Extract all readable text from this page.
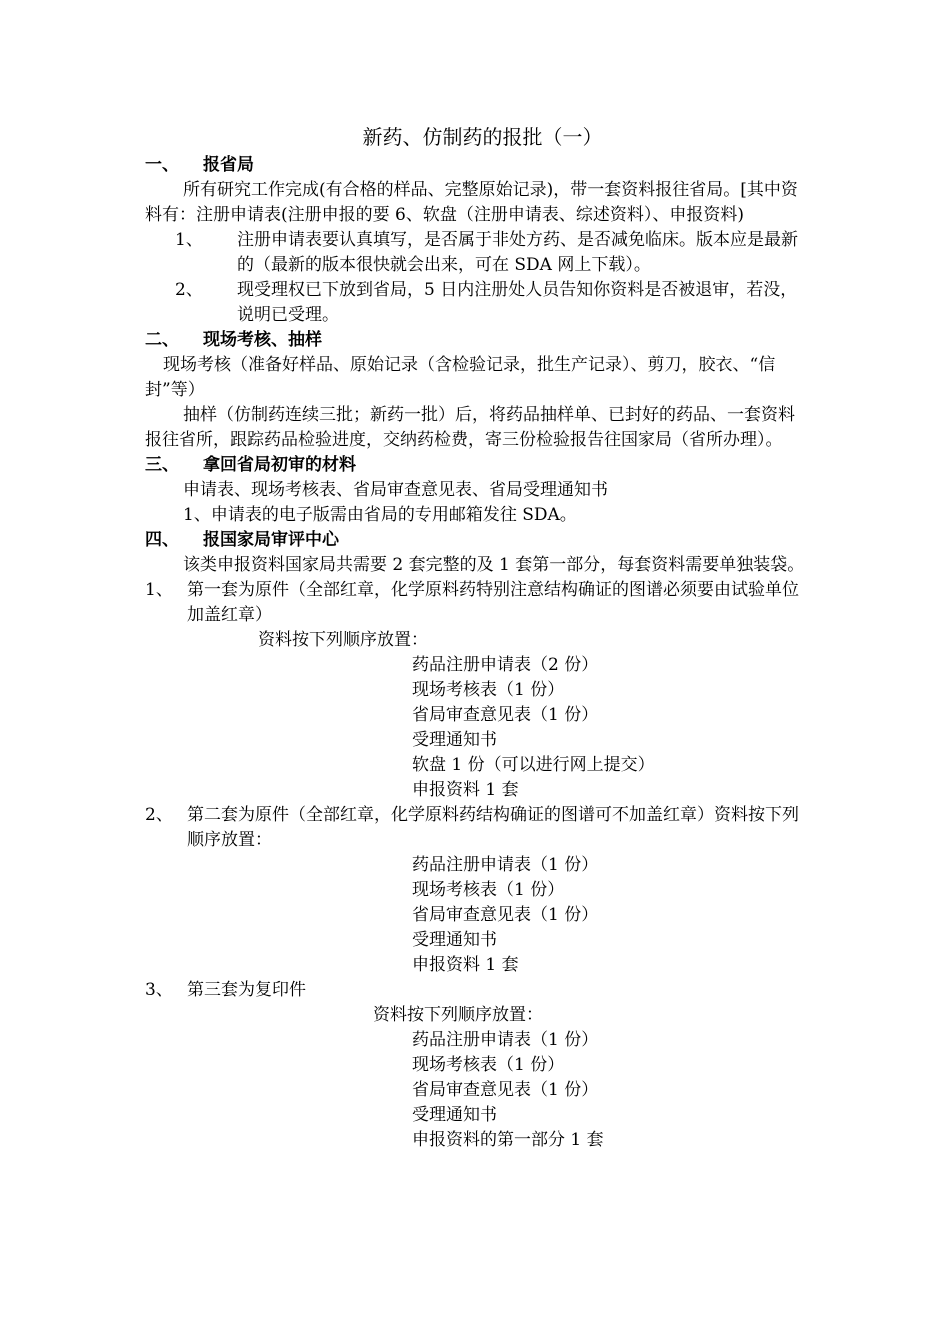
新药、仿制药的报批（一）
一、	报省局

所有研究工作完成(有合格的样品、完整原始记录)，带一套资料报往省局。[其中资料有：注册申请表(注册申报的要 6、软盘（注册申请表、综述资料）、申报资料)

1、	注册申请表要认真填写，是否属于非处方药、是否减免临床。版本应是最新的（最新的版本很快就会出来，可在 SDA 网上下载）。
2、	现受理权已下放到省局，5 日内注册处人员告知你资料是否被退审，若没，说明已受理。
二、	现场考核、抽样

现场考核（准备好样品、原始记录（含检验记录，批生产记录）、剪刀，胶衣、“信封”等）

抽样（仿制药连续三批；新药一批）后，将药品抽样单、已封好的药品、一套资料报往省所，跟踪药品检验进度，交纳药检费，寄三份检验报告往国家局（省所办理）。

三、	拿回省局初审的材料

申请表、现场考核表、省局审查意见表、省局受理通知书

1、申请表的电子版需由省局的专用邮箱发往 SDA。

四、	报国家局审评中心

该类申报资料国家局共需要 2 套完整的及 1 套第一部分，每套资料需要单独装袋。

1、 第一套为原件（全部红章，化学原料药特别注意结构确证的图谱必须要由试验单位加盖红章）
资料按下列顺序放置：
药品注册申请表（2 份）
现场考核表（1 份）
省局审查意见表（1 份）
受理通知书
软盘 1 份（可以进行网上提交）
申报资料 1 套
2、 第二套为原件（全部红章，化学原料药结构确证的图谱可不加盖红章）资料按下列顺序放置：
药品注册申请表（1 份）
现场考核表（1 份）
省局审查意见表（1 份）
受理通知书
申报资料 1 套
3、 第三套为复印件
资料按下列顺序放置：
药品注册申请表（1 份）
现场考核表（1 份）
省局审查意见表（1 份）
受理通知书
申报资料的第一部分 1 套
